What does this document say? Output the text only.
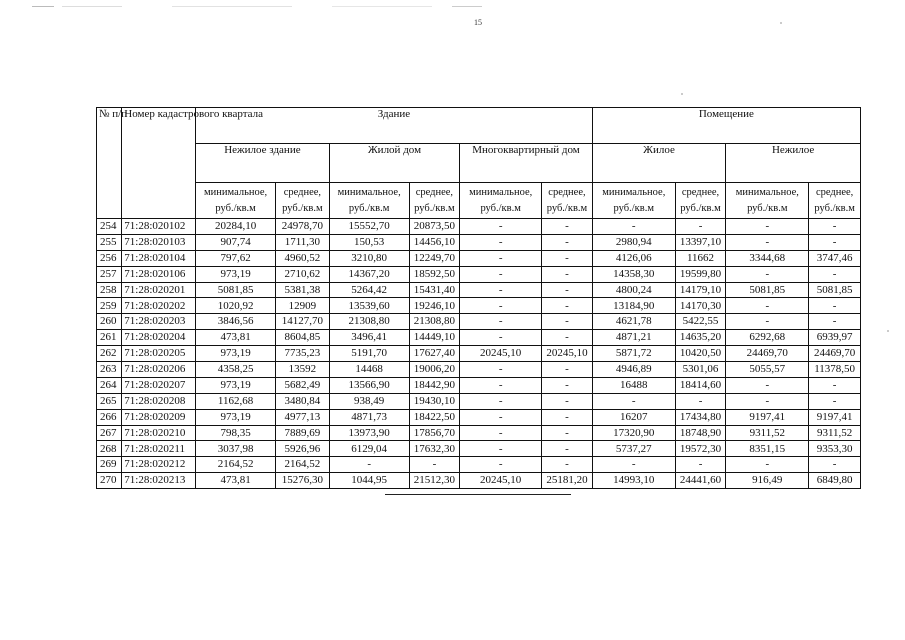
15
№ п/п	Номер кадастрового квартала	Здание						Помещение			
		Нежилое здание		Жилой дом		Многоквартирный дом		Жилое		Нежилое	
		минимальное, руб./кв.м	среднее, руб./кв.м	минимальное, руб./кв.м	среднее, руб./кв.м	минимальное, руб./кв.м	среднее, руб./кв.м	минимальное, руб./кв.м	среднее, руб./кв.м	минимальное, руб./кв.м	среднее, руб./кв.м
254	71:28:020102	20284,10	24978,70	15552,70	20873,50	-	-	-	-	-	-
255	71:28:020103	907,74	1711,30	150,53	14456,10	-	-	2980,94	13397,10	-	-
256	71:28:020104	797,62	4960,52	3210,80	12249,70	-	-	4126,06	11662	3344,68	3747,46
257	71:28:020106	973,19	2710,62	14367,20	18592,50	-	-	14358,30	19599,80	-	-
258	71:28:020201	5081,85	5381,38	5264,42	15431,40	-	-	4800,24	14179,10	5081,85	5081,85
259	71:28:020202	1020,92	12909	13539,60	19246,10	-	-	13184,90	14170,30	-	-
260	71:28:020203	3846,56	14127,70	21308,80	21308,80	-	-	4621,78	5422,55	-	-
261	71:28:020204	473,81	8604,85	3496,41	14449,10	-	-	4871,21	14635,20	6292,68	6939,97
262	71:28:020205	973,19	7735,23	5191,70	17627,40	20245,10	20245,10	5871,72	10420,50	24469,70	24469,70
263	71:28:020206	4358,25	13592	14468	19006,20	-	-	4946,89	5301,06	5055,57	11378,50
264	71:28:020207	973,19	5682,49	13566,90	18442,90	-	-	16488	18414,60	-	-
265	71:28:020208	1162,68	3480,84	938,49	19430,10	-	-	-	-	-	-
266	71:28:020209	973,19	4977,13	4871,73	18422,50	-	-	16207	17434,80	9197,41	9197,41
267	71:28:020210	798,35	7889,69	13973,90	17856,70	-	-	17320,90	18748,90	9311,52	9311,52
268	71:28:020211	3037,98	5926,96	6129,04	17632,30	-	-	5737,27	19572,30	8351,15	9353,30
269	71:28:020212	2164,52	2164,52	-	-	-	-	-	-	-	-
270	71:28:020213	473,81	15276,30	1044,95	21512,30	20245,10	25181,20	14993,10	24441,60	916,49	6849,80
